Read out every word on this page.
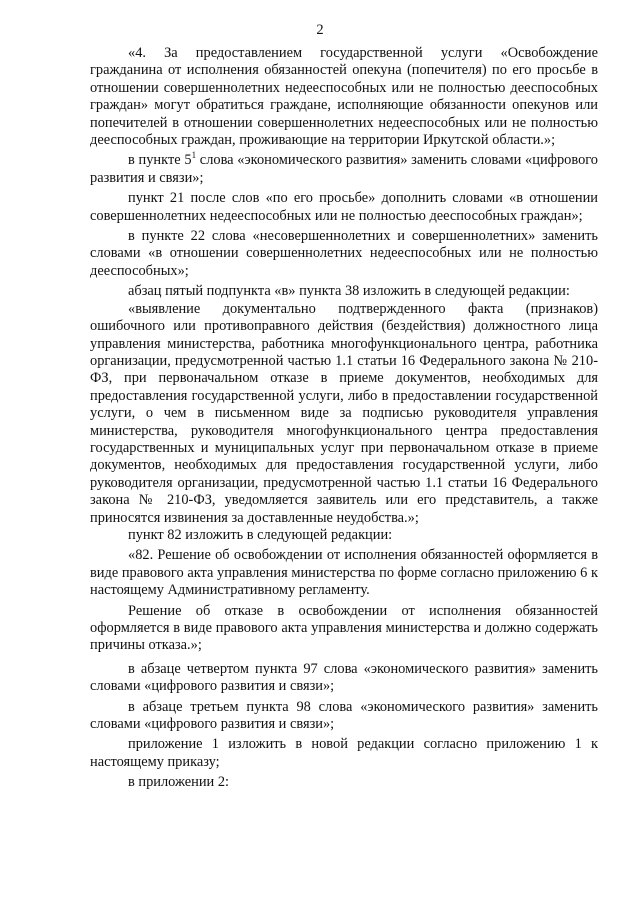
2

«4. За предоставлением государственной услуги «Освобождение гражданина от исполнения обязанностей опекуна (попечителя) по его просьбе в отношении совершеннолетних недееспособных или не полностью дееспособных граждан» могут обратиться граждане, исполняющие обязанности опекунов или попечителей в отношении совершеннолетних недееспособных или не полностью дееспособных граждан, проживающие на территории Иркутской области.»;

в пункте $5^1$ слова «экономического развития» заменить словами «цифрового развития и связи»;

пункт 21 после слов «по его просьбе» дополнить словами «в отношении совершеннолетних недееспособных или не полностью дееспособных граждан»;

в пункте 22 слова «несовершеннолетних и совершеннолетних» заменить словами «в отношении совершеннолетних недееспособных или не полностью дееспособных»;

абзац пятый подпункта «в» пункта 38 изложить в следующей редакции:

«выявление документально подтвержденного факта (признаков) ошибочного или противоправного действия (бездействия) должностного лица управления министерства, работника многофункционального центра, работника организации, предусмотренной частью 1.1 статьи 16 Федерального закона № 210-ФЗ, при первоначальном отказе в приеме документов, необходимых для предоставления государственной услуги, либо в предоставлении государственной услуги, о чем в письменном виде за подписью руководителя управления министерства, руководителя многофункционального центра предоставления государственных и муниципальных услуг при первоначальном отказе в приеме документов, необходимых для предоставления государственной услуги, либо руководителя организации, предусмотренной частью 1.1 статьи 16 Федерального закона № 210-ФЗ, уведомляется заявитель или его представитель, а также приносятся извинения за доставленные неудобства.»;

пункт 82 изложить в следующей редакции:

«82. Решение об освобождении от исполнения обязанностей оформляется в виде правового акта управления министерства по форме согласно приложению 6 к настоящему Административному регламенту.

Решение об отказе в освобождении от исполнения обязанностей оформляется в виде правового акта управления министерства и должно содержать причины отказа.»;

в абзаце четвертом пункта 97 слова «экономического развития» заменить словами «цифрового развития и связи»;

в абзаце третьем пункта 98 слова «экономического развития» заменить словами «цифрового развития и связи»;

приложение 1 изложить в новой редакции согласно приложению 1 к настоящему приказу;

в приложении 2:
